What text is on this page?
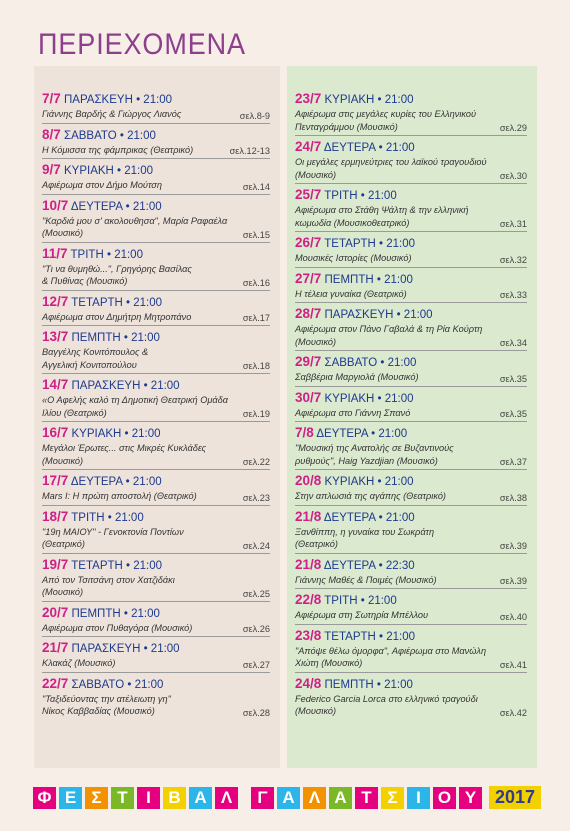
ΠΕΡΙΕΧΟΜΕΝΑ
7/7 ΠΑΡΑΣΚΕΥΗ • 21:00
Γιάννης Βαρδής & Γιώργος Λιανός	σελ.8-9
8/7 ΣΑΒΒΑΤΟ • 21:00
Η Κόμισσα της φάμπρικας (Θεατρικό)	σελ.12-13
9/7 ΚΥΡΙΑΚΗ • 21:00
Αφιέρωμα στον Δήμο Μούτση	σελ.14
10/7 ΔΕΥΤΕΡΑ • 21:00
"Καρδιά μου σ' ακολουθησα", Μαρία Ραφαέλα
(Μουσικό)	σελ.15
11/7 ΤΡΙΤΗ • 21:00
"Τι να θυμηθώ...", Γρηγόρης Βασίλας
& Πυθίνας (Μουσικό)	σελ.16
12/7 ΤΕΤΑΡΤΗ • 21:00
Αφιέρωμα στον Δημήτρη Μητροπάνο	σελ.17
13/7 ΠΕΜΠΤΗ • 21:00
Βαγγέλης Κονιτόπουλος &
Αγγελική Κονιτοπούλου	σελ.18
14/7 ΠΑΡΑΣΚΕΥΗ • 21:00
«Ο Αφελής καλό τη Δημοτική Θεατρική Ομάδα
Ιλίου (Θεατρικό)	σελ.19
16/7 ΚΥΡΙΑΚΗ • 21:00
Μεγάλοι Έρωτες... στις Μικρές Κυκλάδες
(Μουσικό)	σελ.22
17/7 ΔΕΥΤΕΡΑ • 21:00
Mars I: Η πρώτη αποστολή (Θεατρικό)	σελ.23
18/7 ΤΡΙΤΗ • 21:00
"19η ΜΑΙΟΥ" - Γενοκτονία Ποντίων
(Θεατρικό)	σελ.24
19/7 ΤΕΤΑΡΤΗ • 21:00
Από τον Τσιτσάνη στον Χατζιδάκι
(Μουσικό)	σελ.25
20/7 ΠΕΜΠΤΗ • 21:00
Αφιέρωμα στον Πυθαγόρα (Μουσικό)	σελ.26
21/7 ΠΑΡΑΣΚΕΥΗ • 21:00
Κλακάζ (Μουσικό)	σελ.27
22/7 ΣΑΒΒΑΤΟ • 21:00
"Ταξιδεύοντας την ατέλειωτη γη"
Νίκος Καββαδίας (Μουσικό)	σελ.28
23/7 ΚΥΡΙΑΚΗ • 21:00
Αφιέρωμα στις μεγάλες κυρίες του Ελληνικού
Πενταγράμμου (Μουσικό)	σελ.29
24/7 ΔΕΥΤΕΡΑ • 21:00
Οι μεγάλες ερμηνεύτριες του λαϊκού τραγουδιού
(Μουσικό)	σελ.30
25/7 ΤΡΙΤΗ • 21:00
Αφιέρωμα στο Στάθη Ψάλτη & την ελληνική
κωμωδία (Μουσικοθεατρικό)	σελ.31
26/7 ΤΕΤΑΡΤΗ • 21:00
Μουσικές Ιστορίες (Μουσικό)	σελ.32
27/7 ΠΕΜΠΤΗ • 21:00
Η τέλεια γυναίκα (Θεατρικό)	σελ.33
28/7 ΠΑΡΑΣΚΕΥΗ • 21:00
Αφιέρωμα στον Πάνο Γαβαλά & τη Ρία Κούρτη
(Μουσικό)	σελ.34
29/7 ΣΑΒΒΑΤΟ • 21:00
Σαββέρια Μαργιολά (Μουσικό)	σελ.35
30/7 ΚΥΡΙΑΚΗ • 21:00
Αφιέρωμα στο Γιάννη Σπανό	σελ.35
7/8 ΔΕΥΤΕΡΑ • 21:00
"Μουσική της Ανατολής σε Βυζαντινούς
ρυθμούς", Haig Yazdjian (Μουσικό)	σελ.37
20/8 ΚΥΡΙΑΚΗ • 21:00
Στην απλωσιά της αγάπης (Θεατρικό)	σελ.38
21/8 ΔΕΥΤΕΡΑ • 21:00
Ξανθίππη, η γυναίκα του Σωκράτη
(Θεατρικό)	σελ.39
21/8 ΔΕΥΤΕΡΑ • 22:30
Γιάννης Μαθές & Ποιμές (Μουσικό)	σελ.39
22/8 ΤΡΙΤΗ • 21:00
Αφιέρωμα στη Σωτηρία Μπέλλου	σελ.40
23/8 ΤΕΤΑΡΤΗ • 21:00
"Απόψε θέλω όμορφα", Αφιέρωμα στο Μανώλη
Χιώτη (Μουσικό)	σελ.41
24/8 ΠΕΜΠΤΗ • 21:00
Federico Garcia Lorca στο ελληνικό τραγούδι
(Μουσικό)	σελ.42
Φ Ε Σ Τ	Ι	Β Α Λ	Γ Α Λ Α Τ Σ	Ι	Ο Υ	2017
